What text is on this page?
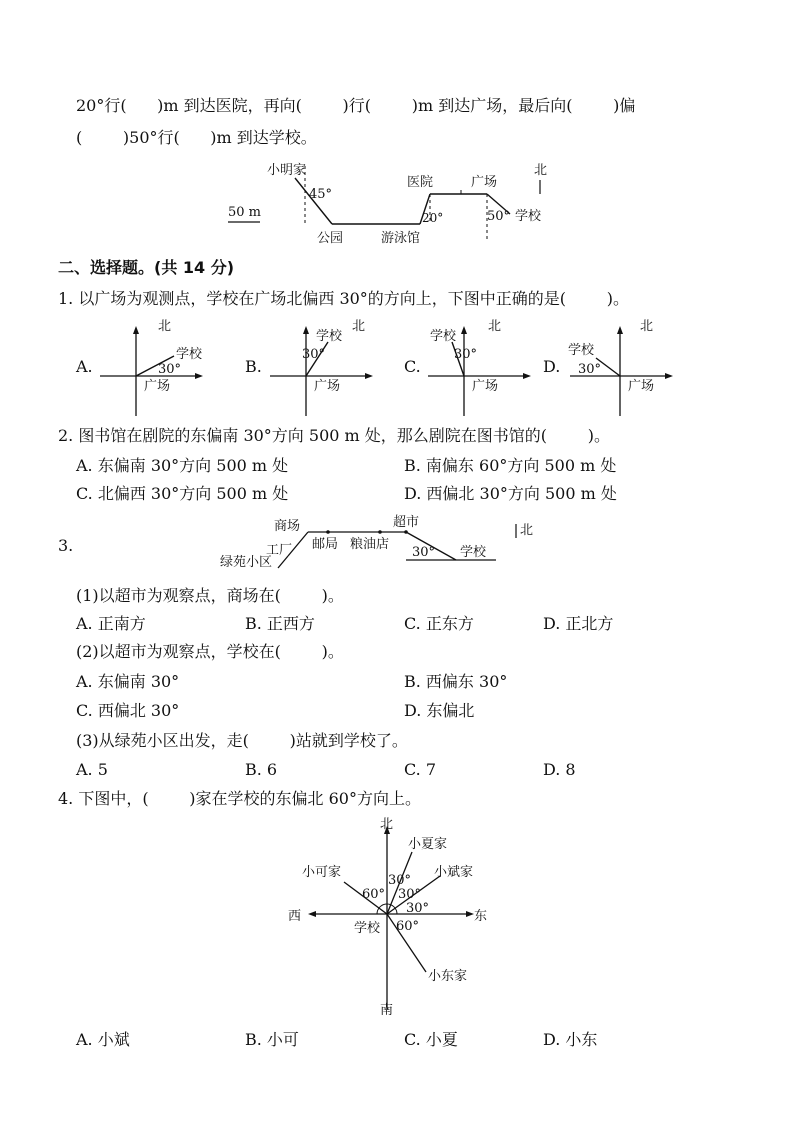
20°行(      )m 到达医院，再向(        )行(        )m 到达广场，最后向(        )偏
(        )50°行(      )m 到达学校。
小明家
45°
20°
医院	广场
50° 学校
北
公园	游泳馆
50 m
二、选择题。(共 14 分)
1. 以广场为观测点，学校在广场北偏西 30°的方向上，下图中正确的是(        )。
A.
北
学校
30°
广场
B.
北
学校
30°
广场
C.
北
学校
30°
广场
D.
北
学校
30°
广场
2. 图书馆在剧院的东偏南 30°方向 500 m 处，那么剧院在图书馆的(        )。
A. 东偏南 30°方向 500 m 处	B. 南偏东 60°方向 500 m 处
C. 北偏西 30°方向 500 m 处	D. 西偏北 30°方向 500 m 处
3.
商场	超市
北
工厂 邮局 粮油店
30° 学校
绿苑小区
(1)以超市为观察点，商场在(        )。
A. 正南方	B. 正西方	C. 正东方	D. 正北方
(2)以超市为观察点，学校在(        )。
A. 东偏南 30°	B. 西偏东 30°
C. 西偏北 30°	D. 东偏北
(3)从绿苑小区出发，走(        )站就到学校了。
A. 5	B. 6	C. 7	D. 8
4. 下图中，(        )家在学校的东偏北 60°方向上。
北
南
西	东
小夏家
小可家	小斌家
小东家
学校
60°
30°
30°
30°
60°
A. 小斌	B. 小可	C. 小夏	D. 小东
